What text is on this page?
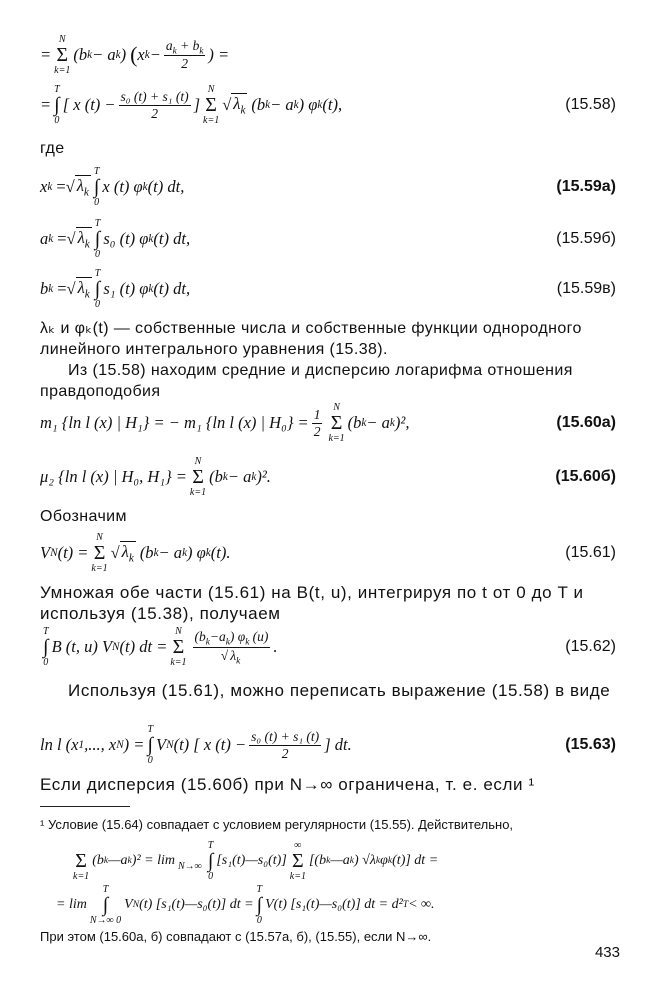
=
N
Σ
k=1
(b k − a k ) ( x $k - \frac{a_k + b_k}{2}$ ) =
=
T
∫
0
[ x $(t) - \frac{\text{s₀ (t) + s₁ (t)}}{2}$ ]
N
Σ
k=1
√ $\lambda_k$ (b k − a k ) φ k (t),	(15.58)
где
x k = √ $\lambda_k$
T
∫
0
x (t) φ k (t) dt,	(15.59а)
a k = √ $\lambda_k$
T
∫
0
s₀ (t) φ k (t) dt,	(15.59б)
b k = √ $\lambda_k$
T
∫
0
s₁ (t) φ k (t) dt,	(15.59в)
λₖ и φₖ(t) — собственные числа и собственные функции однородного линейного интегрального уравнения (15.38).
Из (15.58) находим средние и дисперсию логарифма отношения правдоподобия
m₁ {ln l (x) | H₁} = − m₁ {ln l (x) | $H_0\} = \frac{1}{2}$ N
Σ
k=1
(b k − a k )²,	(15.60а)
μ₂ {ln l (x) | H₀, H₁} =
N
Σ
k=1
(b k − a k )².	(15.60б)
Обозначим
V N (t) =
N
Σ
k=1
√ $\lambda_k$ (b k − a k ) φ k (t).	(15.61)
Умножая обе части (15.61) на B(t, u), интегрируя по t от 0 до T и используя (15.38), получаем
T
∫
0
B (t, u) V N (t) dt =
N
Σ
$k=1 \frac{(b_k-a_k) \varphi_k (u)}{√ \lambda_k}$ .	(15.62)
Используя (15.61), можно переписать выражение (15.58) в виде
ln l (x 1 ,..., x N ) =
T
∫
0
V N (t) [ x $(t) - \frac{\text{s₀ (t) + s₁ (t)}}{2}$ ] dt.	(15.63)
Если дисперсия (15.60б) при N→∞ ограничена, т. е. если ¹
¹ Условие (15.64) совпадает с условием регулярности (15.55). Действительно,

Σ
k=1
(b k —a k )² = lim
N→∞
T
∫
0
[s₁(t)—s₀(t)]
∞
Σ
k=1
[(b k —a k ) √λ k φ k (t)] dt =
= lim
T
∫
N→∞ 0
V N (t) [s₁(t)—s₀(t)] dt =
T
∫
0
V(t) [s₁(t)—s₀(t)] dt = d² T < ∞.
При этом (15.60а, б) совпадают с (15.57а, б), (15.55), если N→∞.
433
